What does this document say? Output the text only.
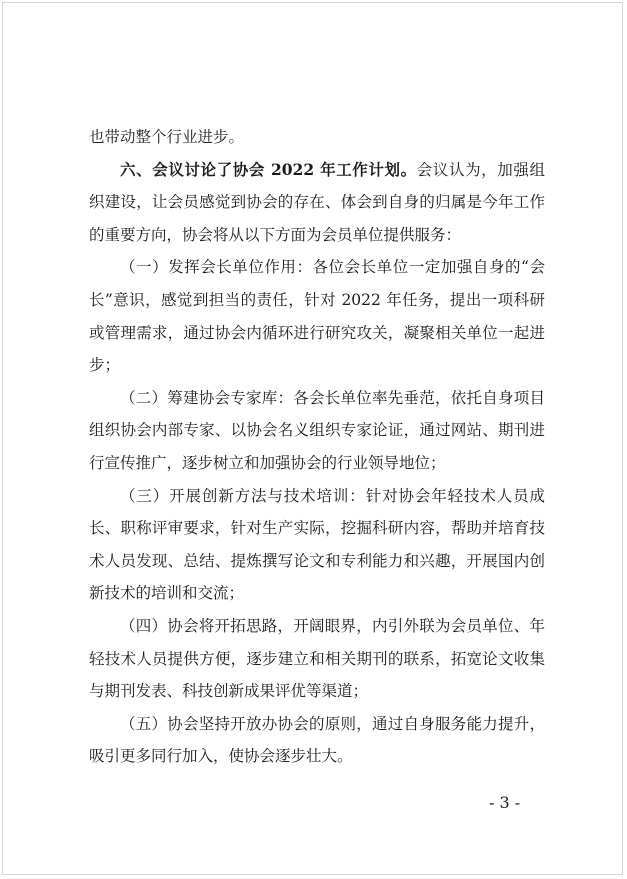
也带动整个行业进步。

六、会议讨论了协会 2022 年工作计划。会议认为，加强组织建设，让会员感觉到协会的存在、体会到自身的归属是今年工作的重要方向，协会将从以下方面为会员单位提供服务：

（一）发挥会长单位作用：各位会长单位一定加强自身的“会长”意识，感觉到担当的责任，针对 2022 年任务，提出一项科研或管理需求，通过协会内循环进行研究攻关，凝聚相关单位一起进步；

（二）筹建协会专家库：各会长单位率先垂范，依托自身项目组织协会内部专家、以协会名义组织专家论证，通过网站、期刊进行宣传推广，逐步树立和加强协会的行业领导地位；

（三）开展创新方法与技术培训：针对协会年轻技术人员成长、职称评审要求，针对生产实际，挖掘科研内容，帮助并培育技术人员发现、总结、提炼撰写论文和专利能力和兴趣，开展国内创新技术的培训和交流；

（四）协会将开拓思路，开阔眼界，内引外联为会员单位、年轻技术人员提供方便，逐步建立和相关期刊的联系，拓宽论文收集与期刊发表、科技创新成果评优等渠道；

（五）协会坚持开放办协会的原则，通过自身服务能力提升，吸引更多同行加入，使协会逐步壮大。

- 3 -
